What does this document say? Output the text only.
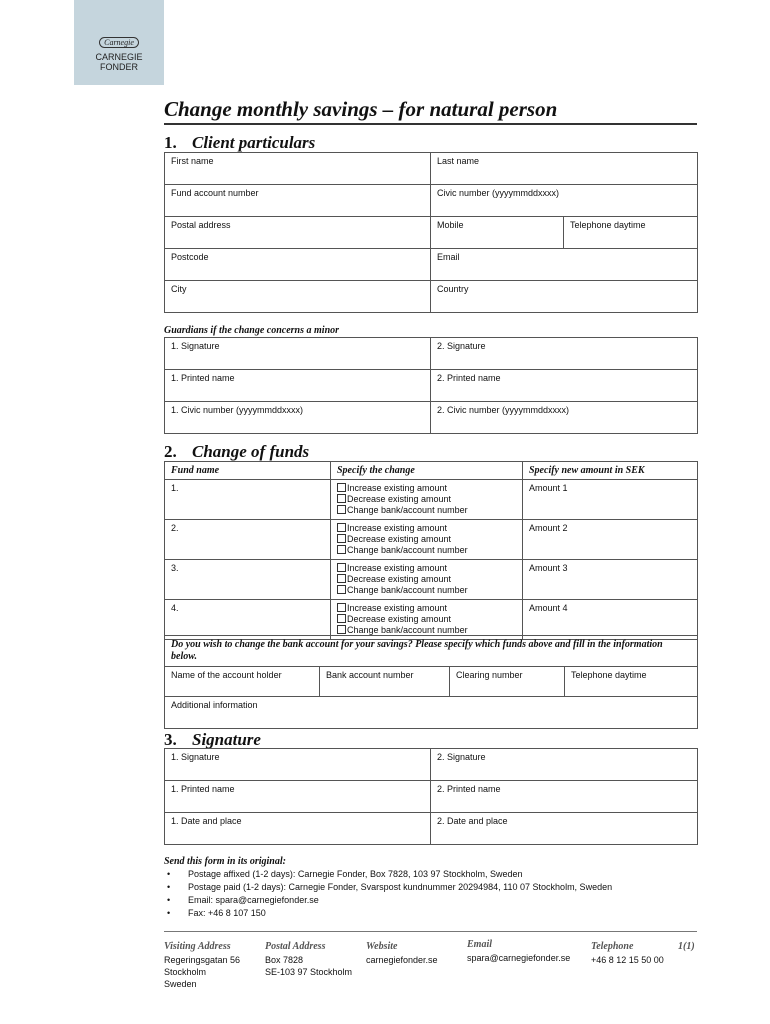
Carnegie
CARNEGIE
FONDER
Change monthly savings – for natural person
1. Client particulars
First name	Last name	
Fund account number	Civic number (yyyymmddxxxx)	
Postal address	Mobile	Telephone daytime
Postcode	Email	
City	Country	
Guardians if the change concerns a minor
1. Signature	2. Signature
1. Printed name	2. Printed name
1. Civic number (yyyymmddxxxx)	2. Civic number (yyyymmddxxxx)
2. Change of funds
Fund name	Specify the change	Specify new amount in SEK
1.	Increase existing amount
Decrease existing amount
Change bank/account number	Amount 1
2.	Increase existing amount
Decrease existing amount
Change bank/account number	Amount 2
3.	Increase existing amount
Decrease existing amount
Change bank/account number	Amount 3
4.	Increase existing amount
Decrease existing amount
Change bank/account number	Amount 4
Do you wish to change the bank account for your savings? Please specify which funds above and fill in the information below.
Name of the account holder	Bank account number	Clearing number	Telephone daytime
Additional information
3. Signature
1. Signature	2. Signature
1. Printed name	2. Printed name
1. Date and place	2. Date and place
Send this form in its original:
• Postage affixed (1-2 days): Carnegie Fonder, Box 7828, 103 97 Stockholm, Sweden
• Postage paid (1-2 days): Carnegie Fonder, Svarspost kundnummer 20294984, 110 07 Stockholm, Sweden
• Email: spara@carnegiefonder.se
• Fax: +46 8 107 150
Visiting Address
Regeringsgatan 56
Stockholm
Sweden
Postal Address
Box 7828
SE-103 97 Stockholm
Website
carnegiefonder.se
Email
spara@carnegiefonder.se
Telephone
+46 8 12 15 50 00
1(1)
